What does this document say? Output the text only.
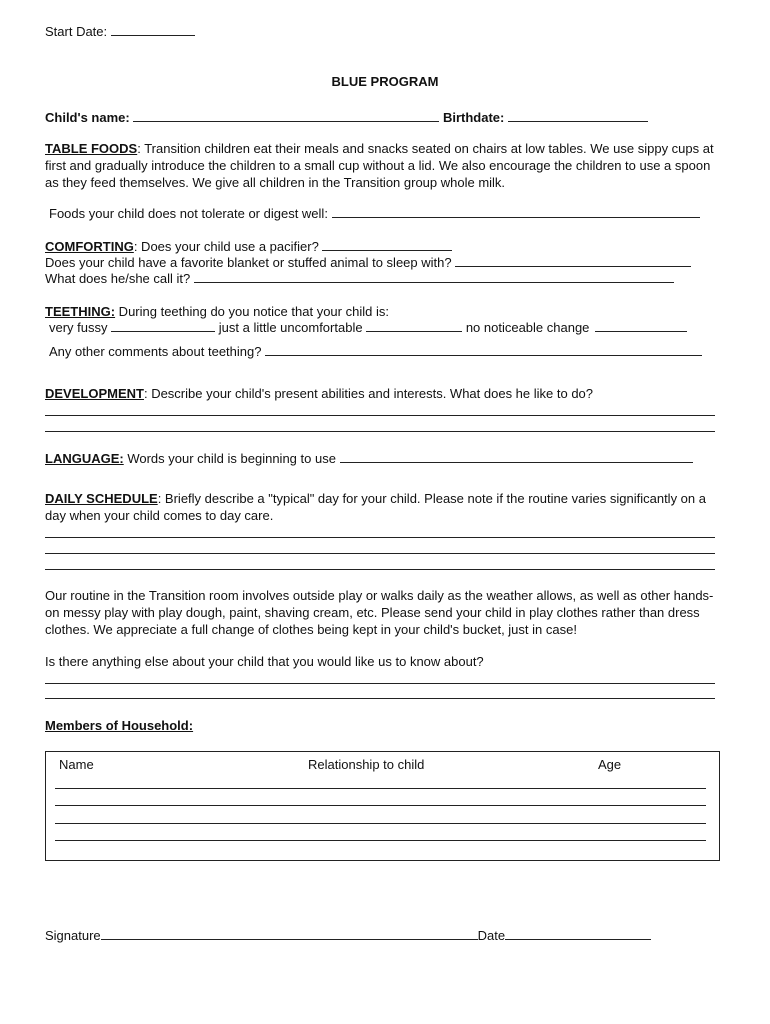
Start Date:
BLUE PROGRAM
Child's name:	Birthdate:
TABLE FOODS: Transition children eat their meals and snacks seated on chairs at low tables. We use sippy cups at first and gradually introduce the children to a small cup without a lid. We also encourage the children to use a spoon as they feed themselves. We give all children in the Transition group whole milk.
Foods your child does not tolerate or digest well:
COMFORTING: Does your child use a pacifier?
Does your child have a favorite blanket or stuffed animal to sleep with?
What does he/she call it?
TEETHING: During teething do you notice that your child is:
very fussy	just a little uncomfortable	no noticeable change
Any other comments about teething?
DEVELOPMENT: Describe your child's present abilities and interests. What does he like to do?
LANGUAGE: Words your child is beginning to use
DAILY SCHEDULE: Briefly describe a "typical" day for your child. Please note if the routine varies significantly on a day when your child comes to day care.
Our routine in the Transition room involves outside play or walks daily as the weather allows, as well as other hands-on messy play with play dough, paint, shaving cream, etc. Please send your child in play clothes rather than dress clothes. We appreciate a full change of clothes being kept in your child's bucket, just in case!
Is there anything else about your child that you would like us to know about?
Members of Household:
Name	Relationship to child	Age
Signature	Date
